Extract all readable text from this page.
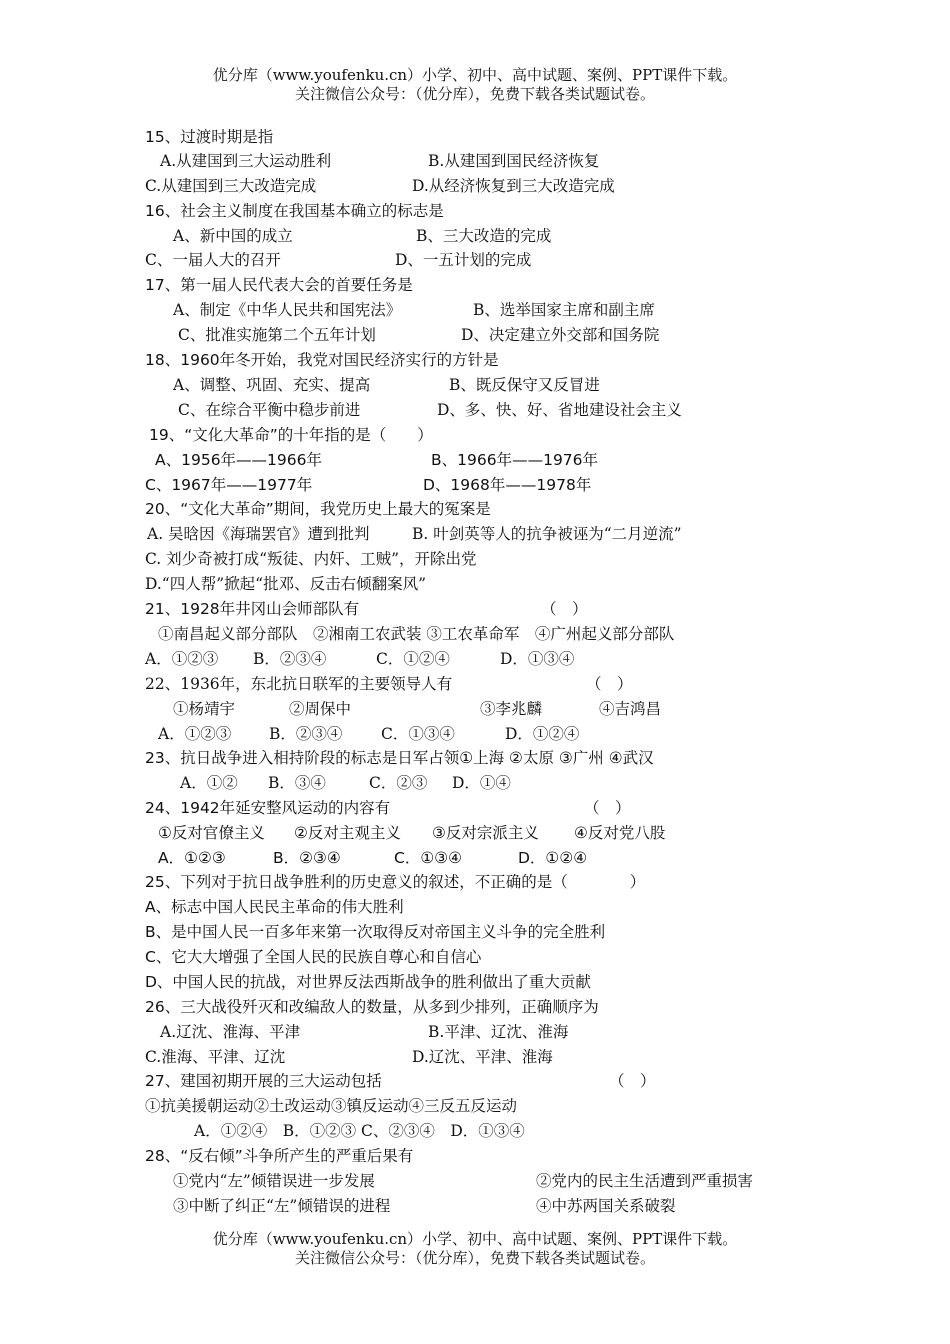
优分库（www.youfenku.cn）小学、初中、高中试题、案例、PPT课件下载。
关注微信公众号：（优分库），免费下载各类试题试卷。
15、过渡时期是指
A.从建国到三大运动胜利	B.从建国到国民经济恢复
C.从建国到三大改造完成	D.从经济恢复到三大改造完成
16、社会主义制度在我国基本确立的标志是
A、新中国的成立	B、三大改造的完成
C、一届人大的召开	D、一五计划的完成
17、第一届人民代表大会的首要任务是
A、制定《中华人民共和国宪法》	B、选举国家主席和副主席
C、批准实施第二个五年计划	D、决定建立外交部和国务院
18、1960年冬开始，我党对国民经济实行的方针是
A、调整、巩固、充实、提高	B、既反保守又反冒进
C、在综合平衡中稳步前进	D、多、快、好、省地建设社会主义
19、“文化大革命”的十年指的是（　　）
A、1956年——1966年	B、1966年——1976年
C、1967年——1977年	D、1968年——1978年
20、“文化大革命”期间，我党历史上最大的冤案是
A. 吴晗因《海瑞罢官》遭到批判	B. 叶剑英等人的抗争被诬为“二月逆流”
C. 刘少奇被打成“叛徒、内奸、工贼”，开除出党
D.“四人帮”掀起“批邓、反击右倾翻案风”
21、1928年井冈山会师部队有	（　）
①南昌起义部分部队　②湘南工农武装 ③工农革命军　④广州起义部分部队
A．①②③ B．②③④	C．①②④	D．①③④
22、1936年，东北抗日联军的主要领导人有	（　）
①杨靖宇	②周保中	③李兆麟	④吉鸿昌
A．①②③ B．②③④ C．①③④	D．①②④
23、抗日战争进入相持阶段的标志是日军占领①上海 ②太原 ③广州 ④武汉
A．①② B．③④	C．②③ D．①④
24、1942年延安整风运动的内容有	（　）
①反对官僚主义 ②反对主观主义 ③反对宗派主义 ④反对党八股
A．①②③	B．②③④	C．①③④	D．①②④
25、下列对于抗日战争胜利的历史意义的叙述，不正确的是（　　　　）
A、标志中国人民民主革命的伟大胜利
B、是中国人民一百多年来第一次取得反对帝国主义斗争的完全胜利
C、它大大增强了全国人民的民族自尊心和自信心
D、中国人民的抗战，对世界反法西斯战争的胜利做出了重大贡献
26、三大战役歼灭和改编敌人的数量，从多到少排列，正确顺序为
A.辽沈、淮海、平津	B.平津、辽沈、淮海
C.淮海、平津、辽沈	D.辽沈、平津、淮海
27、建国初期开展的三大运动包括	（　）
①抗美援朝运动②土改运动③镇反运动④三反五反运动
A．①②④　B．①②③ C、②③④　D．①③④
28、“反右倾”斗争所产生的严重后果有
①党内“左”倾错误进一步发展	②党内的民主生活遭到严重损害
③中断了纠正“左”倾错误的进程	④中苏两国关系破裂
优分库（www.youfenku.cn）小学、初中、高中试题、案例、PPT课件下载。
关注微信公众号：（优分库），免费下载各类试题试卷。
